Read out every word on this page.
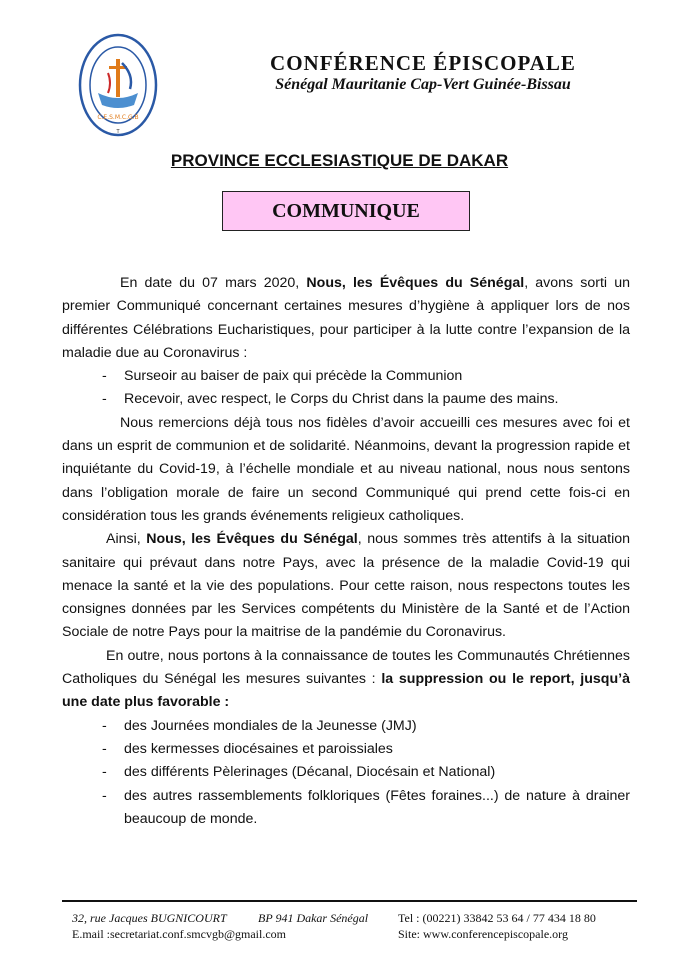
C.E.S.M.C.G.B
T
CONFÉRENCE ÉPISCOPALE
Sénégal Mauritanie Cap-Vert Guinée-Bissau
PROVINCE ECCLESIASTIQUE DE DAKAR
COMMUNIQUE

En date du 07 mars 2020, Nous, les Évêques du Sénégal, avons sorti un premier Communiqué concernant certaines mesures d’hygiène à appliquer lors de nos différentes Célébrations Eucharistiques, pour participer à la lutte contre l’expansion de la maladie due au Coronavirus :

- Surseoir au baiser de paix qui précède la Communion
- Recevoir, avec respect, le Corps du Christ dans la paume des mains.

Nous remercions déjà tous nos fidèles d’avoir accueilli ces mesures avec foi et dans un esprit de communion et de solidarité. Néanmoins, devant la progression rapide et inquiétante du Covid-19, à l’échelle mondiale et au niveau national, nous nous sentons dans l’obligation morale de faire un second Communiqué qui prend cette fois-ci en considération tous les grands événements religieux catholiques.

Ainsi, Nous, les Évêques du Sénégal, nous sommes très attentifs à la situation sanitaire qui prévaut dans notre Pays, avec la présence de la maladie Covid-19 qui menace la santé et la vie des populations. Pour cette raison, nous respectons toutes les consignes données par les Services compétents du Ministère de la Santé et de l’Action Sociale de notre Pays pour la maitrise de la pandémie du Coronavirus.

En outre, nous portons à la connaissance de toutes les Communautés Chrétiennes Catholiques du Sénégal les mesures suivantes : la suppression ou le report, jusqu’à une date plus favorable :

- des Journées mondiales de la Jeunesse (JMJ)
- des kermesses diocésaines et paroissiales
- des différents Pèlerinages (Décanal, Diocésain et National)
- des autres rassemblements folkloriques (Fêtes foraines...) de nature à drainer beaucoup de monde.
32, rue Jacques BUGNICOURT	BP 941 Dakar Sénégal Tel : (00221) 33842 53 64 / 77 434 18 80
E.mail :secretariat.conf.smcvgb@gmail.com	Site: www.conferencepiscopale.org
